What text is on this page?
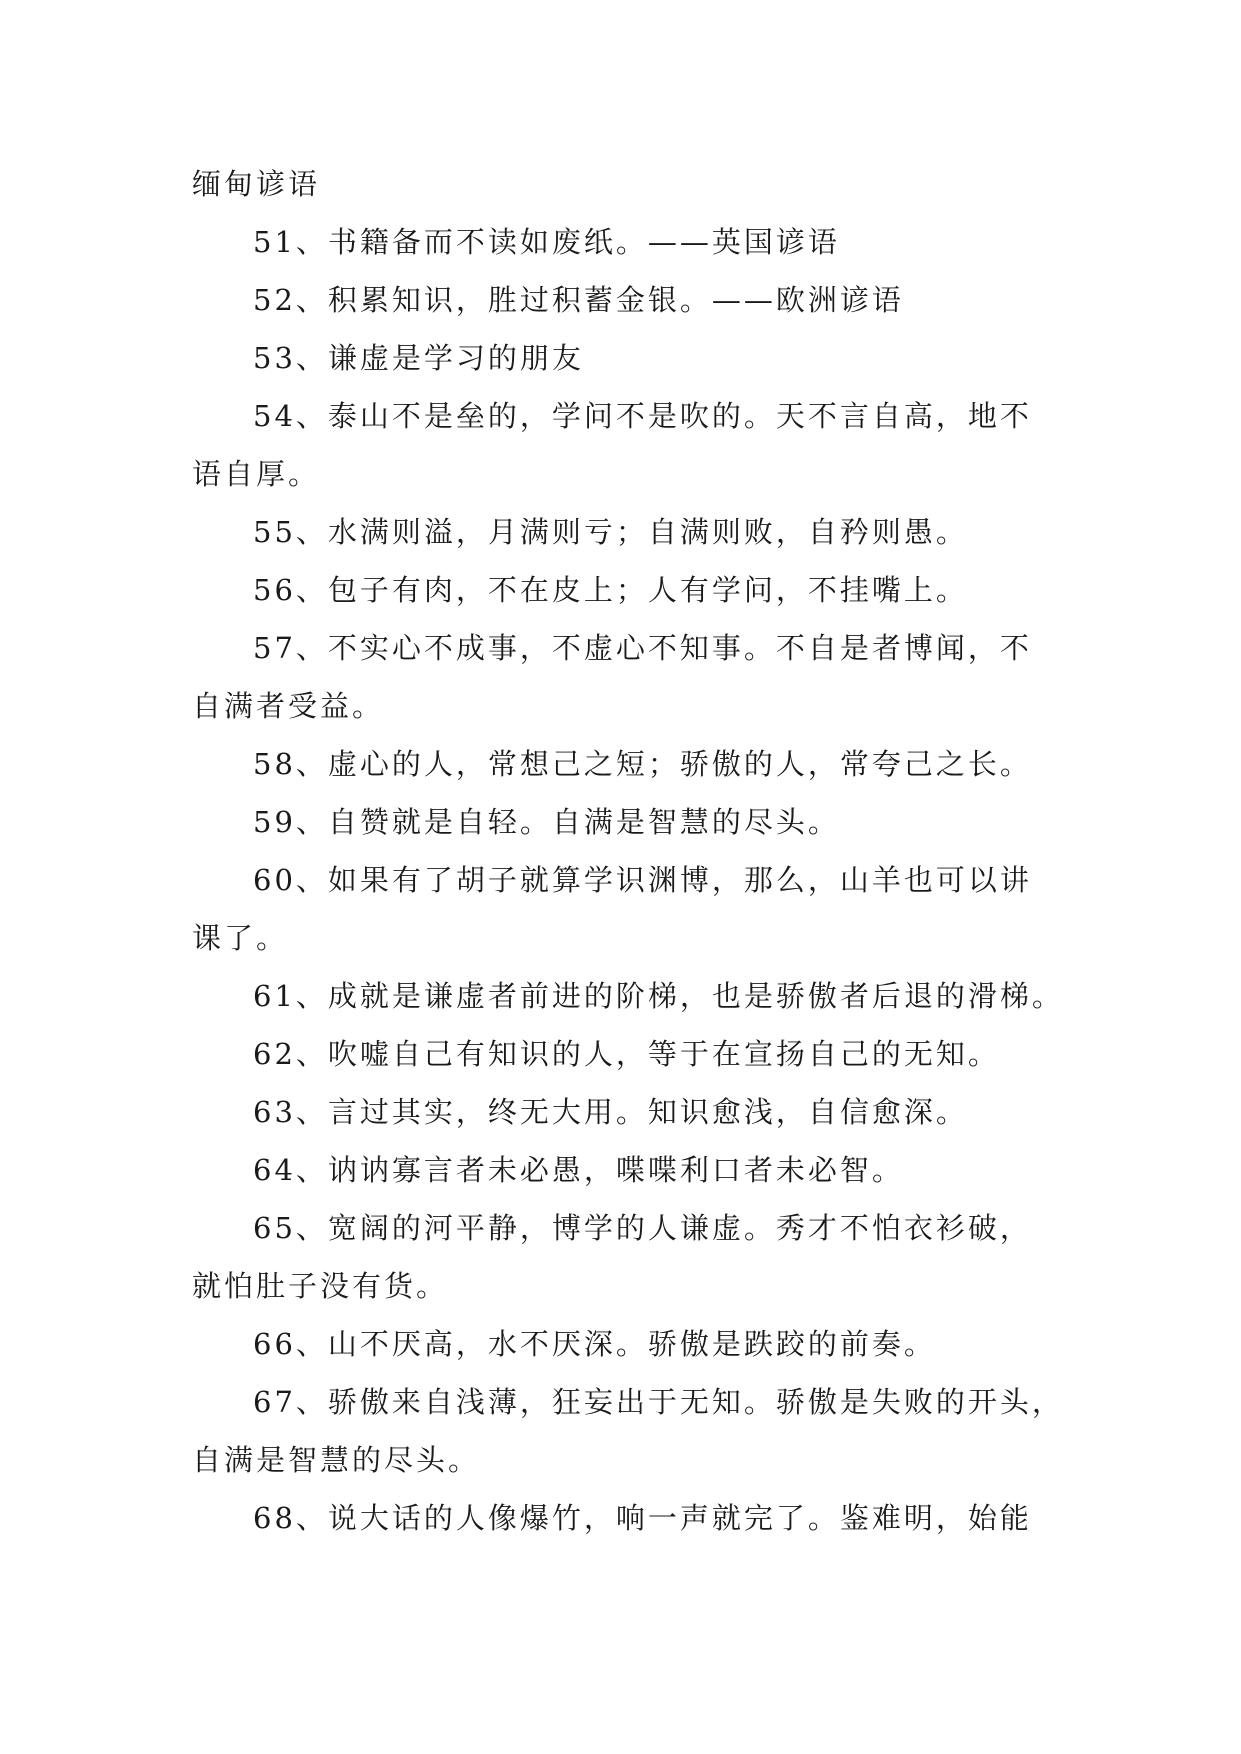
缅甸谚语

51、书籍备而不读如废纸。——英国谚语

52、积累知识，胜过积蓄金银。——欧洲谚语

53、谦虚是学习的朋友

54、泰山不是垒的，学问不是吹的。天不言自高，地不

语自厚。

55、水满则溢，月满则亏；自满则败，自矜则愚。

56、包子有肉，不在皮上；人有学问，不挂嘴上。

57、不实心不成事，不虚心不知事。不自是者博闻，不

自满者受益。

58、虚心的人，常想己之短；骄傲的人，常夸己之长。

59、自赞就是自轻。自满是智慧的尽头。

60、如果有了胡子就算学识渊博，那么，山羊也可以讲

课了。

61、成就是谦虚者前进的阶梯，也是骄傲者后退的滑梯。

62、吹嘘自己有知识的人，等于在宣扬自己的无知。

63、言过其实，终无大用。知识愈浅，自信愈深。

64、讷讷寡言者未必愚，喋喋利口者未必智。

65、宽阔的河平静，博学的人谦虚。秀才不怕衣衫破，

就怕肚子没有货。

66、山不厌高，水不厌深。骄傲是跌跤的前奏。

67、骄傲来自浅薄，狂妄出于无知。骄傲是失败的开头，

自满是智慧的尽头。

68、说大话的人像爆竹，响一声就完了。鉴难明，始能
